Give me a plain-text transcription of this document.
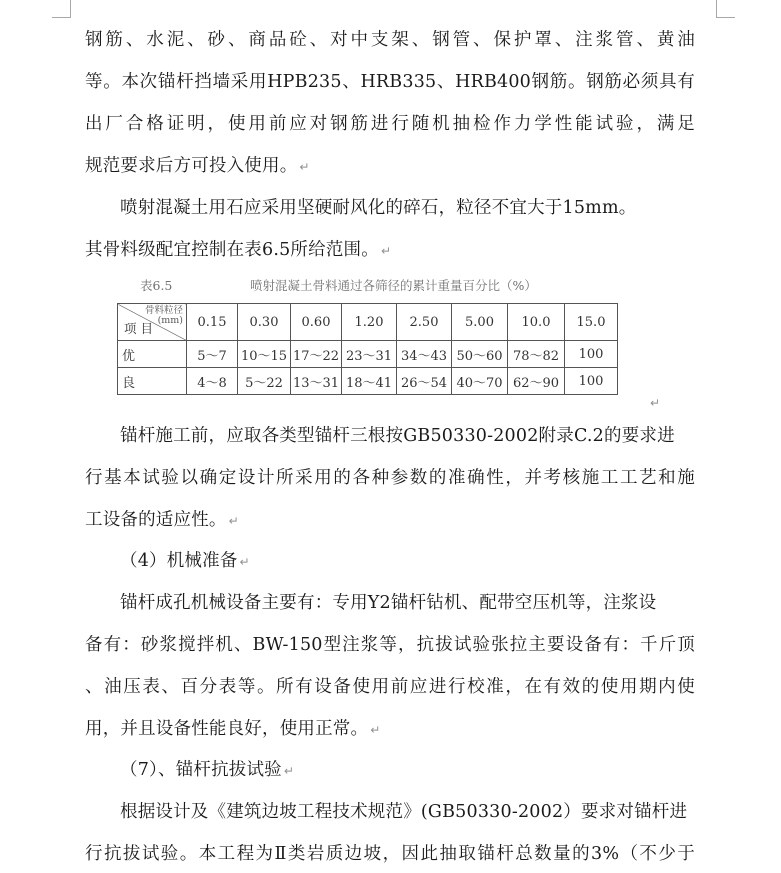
钢筋、水泥、砂、商品砼、对中支架、钢管、保护罩、注浆管、黄油
等。本次锚杆挡墙采用HPB235、HRB335、HRB400钢筋。钢筋必须具有
出厂合格证明，使用前应对钢筋进行随机抽检作力学性能试验，满足
规范要求后方可投入使用。 ↵
喷射混凝土用石应采用坚硬耐风化的碎石，粒径不宜大于15mm。
其骨料级配宜控制在表6.5所给范围。 ↵
表6.5	喷射混凝土骨料通过各筛径的累计重量百分比（%）
骨料粒径
(mm)
项 目	0.15	0.30	0.60	1.20	2.50	5.00	10.0	15.0
优	5～7	10～15	17～22	23～31	34～43	50～60	78～82	100
良	4～8	5～22	13～31	18～41	26～54	40～70	62～90	100
↵
锚杆施工前，应取各类型锚杆三根按GB50330-2002附录C.2的要求进
行基本试验以确定设计所采用的各种参数的准确性，并考核施工工艺和施
工设备的适应性。 ↵
（4）机械准备 ↵
锚杆成孔机械设备主要有：专用Y2锚杆钻机、配带空压机等，注浆设
备有：砂浆搅拌机、BW-150型注浆等，抗拔试验张拉主要设备有：千斤顶
、油压表、百分表等。所有设备使用前应进行校准，在有效的使用期内使
用，并且设备性能良好，使用正常。 ↵
（7）、锚杆抗拔试验 ↵
根据设计及《建筑边坡工程技术规范》(GB50330-2002）要求对锚杆进
行抗拔试验。本工程为Ⅱ类岩质边坡，因此抽取锚杆总数量的3%（不少于
